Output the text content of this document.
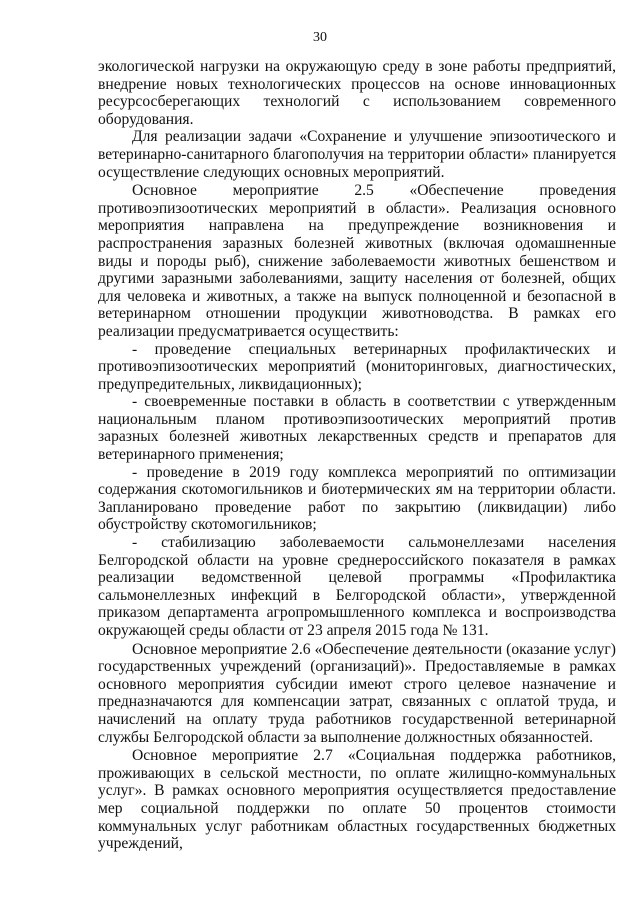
30

экологической нагрузки на окружающую среду в зоне работы предприятий, внедрение новых технологических процессов на основе инновационных ресурсосберегающих технологий с использованием современного оборудования.

Для реализации задачи «Сохранение и улучшение эпизоотического и ветеринарно-санитарного благополучия на территории области» планируется осуществление следующих основных мероприятий.

Основное мероприятие 2.5 «Обеспечение проведения противоэпизоотических мероприятий в области». Реализация основного мероприятия направлена на предупреждение возникновения и распространения заразных болезней животных (включая одомашненные виды и породы рыб), снижение заболеваемости животных бешенством и другими заразными заболеваниями, защиту населения от болезней, общих для человека и животных, а также на выпуск полноценной и безопасной в ветеринарном отношении продукции животноводства. В рамках его реализации предусматривается осуществить:

- проведение специальных ветеринарных профилактических и противоэпизоотических мероприятий (мониторинговых, диагностических, предупредительных, ликвидационных);

- своевременные поставки в область в соответствии с утвержденным национальным планом противоэпизоотических мероприятий против заразных болезней животных лекарственных средств и препаратов для ветеринарного применения;

- проведение в 2019 году комплекса мероприятий по оптимизации содержания скотомогильников и биотермических ям на территории области. Запланировано проведение работ по закрытию (ликвидации) либо обустройству скотомогильников;

- стабилизацию заболеваемости сальмонеллезами населения Белгородской области на уровне среднероссийского показателя в рамках реализации ведомственной целевой программы «Профилактика сальмонеллезных инфекций в Белгородской области», утвержденной приказом департамента агропромышленного комплекса и воспроизводства окружающей среды области от 23 апреля 2015 года № 131.

Основное мероприятие 2.6 «Обеспечение деятельности (оказание услуг) государственных учреждений (организаций)». Предоставляемые в рамках основного мероприятия субсидии имеют строго целевое назначение и предназначаются для компенсации затрат, связанных с оплатой труда, и начислений на оплату труда работников государственной ветеринарной службы Белгородской области за выполнение должностных обязанностей.

Основное мероприятие 2.7 «Социальная поддержка работников, проживающих в сельской местности, по оплате жилищно-коммунальных услуг». В рамках основного мероприятия осуществляется предоставление мер социальной поддержки по оплате 50 процентов стоимости коммунальных услуг работникам областных государственных бюджетных учреждений,
